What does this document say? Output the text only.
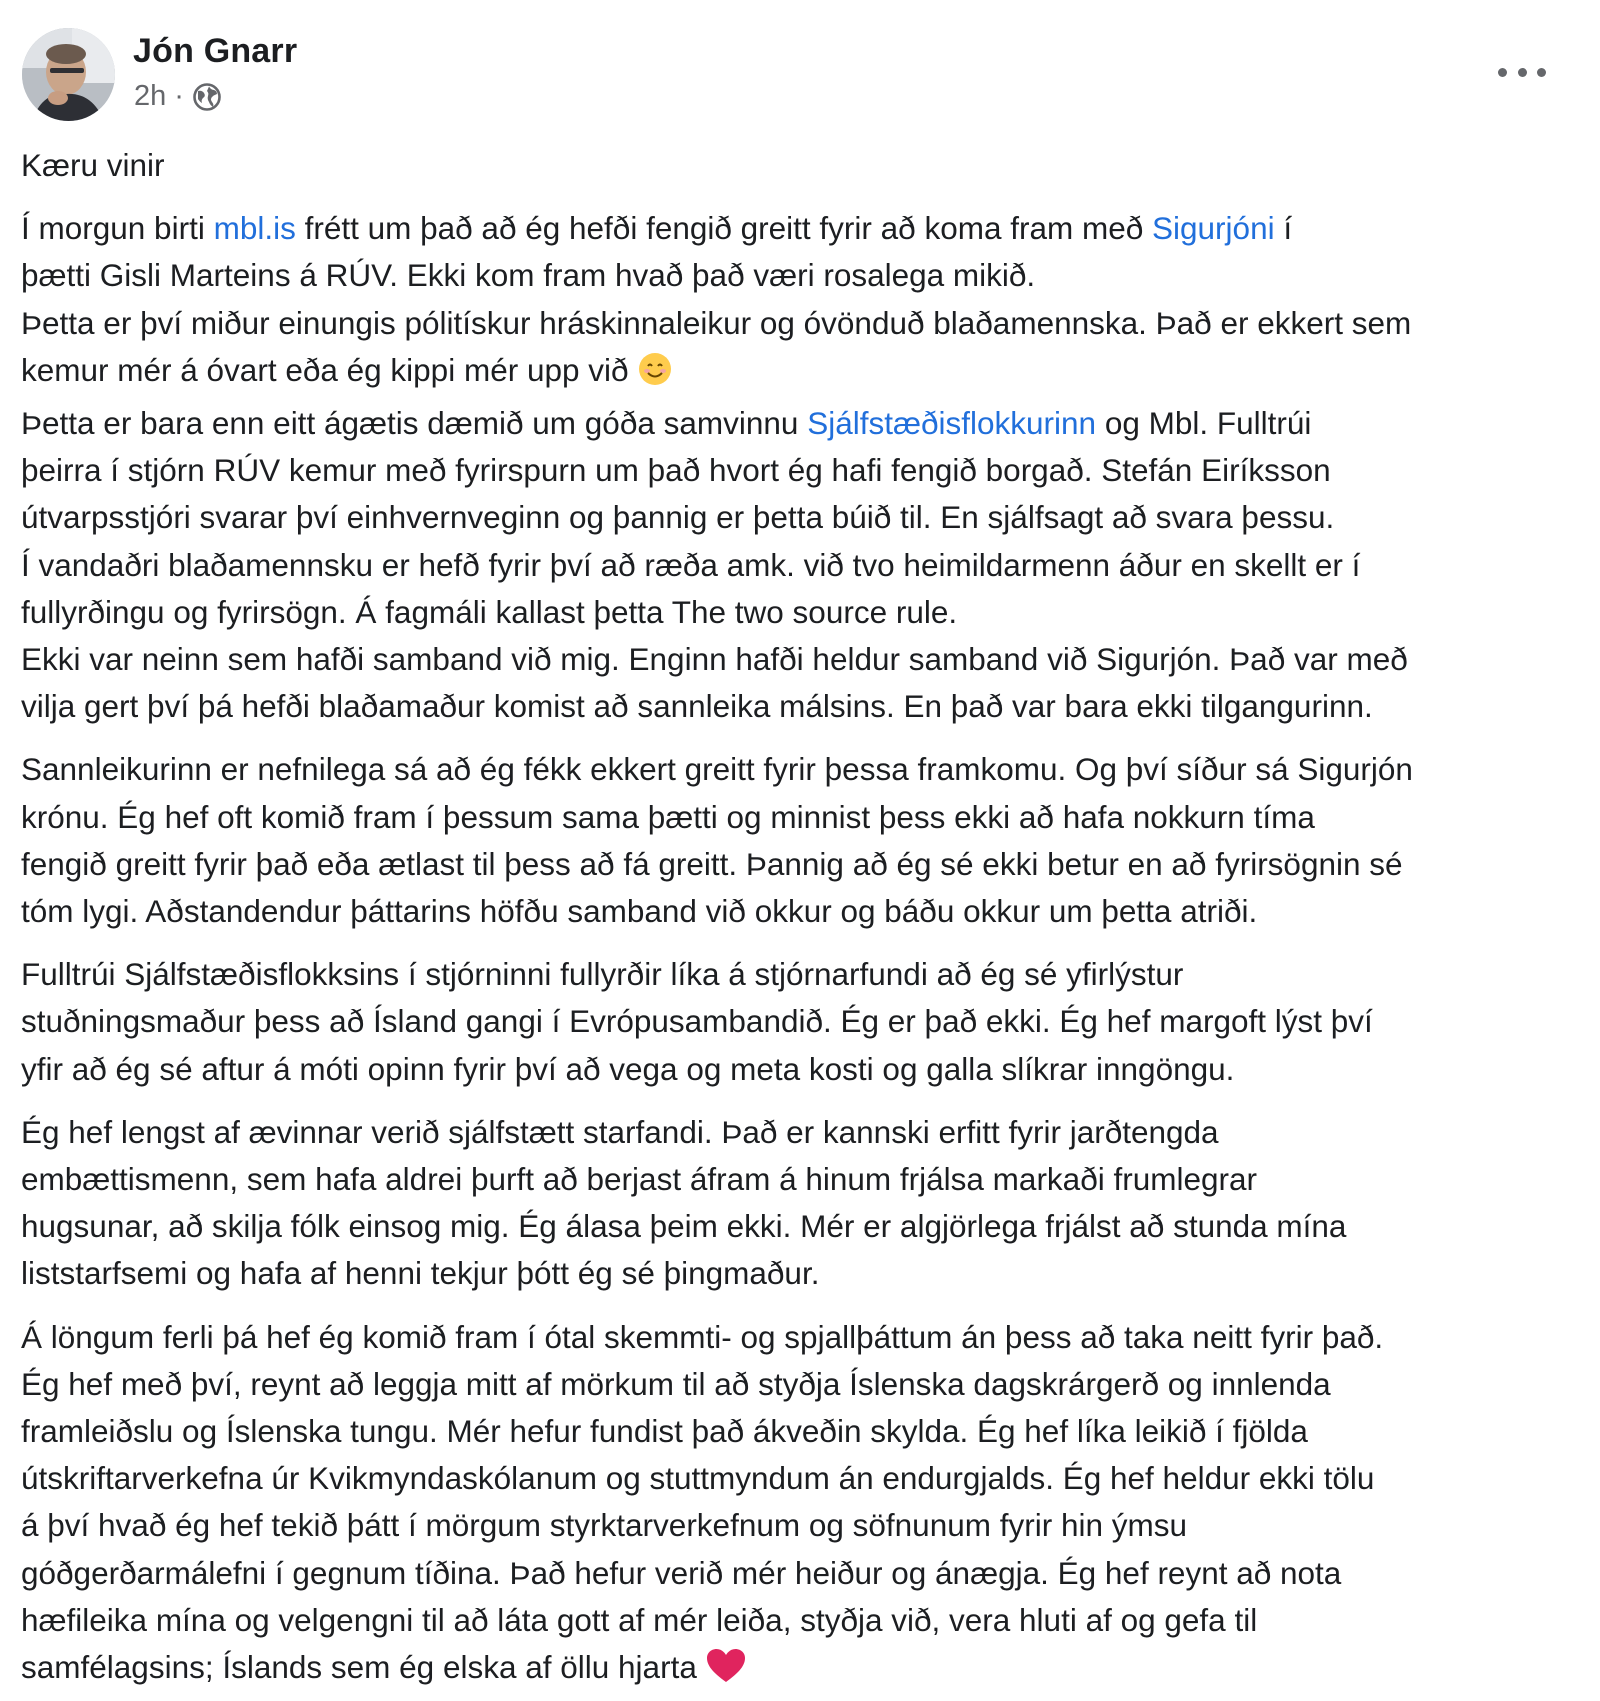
Jón Gnarr
2h ·

Kæru vinir

Í morgun birti mbl.is frétt um það að ég hefði fengið greitt fyrir að koma fram með Sigurjóni í

þætti Gisli Marteins á RÚV. Ekki kom fram hvað það væri rosalega mikið.

Þetta er því miður einungis pólitískur hráskinnaleikur og óvönduð blaðamennska. Það er ekkert sem

kemur mér á óvart eða ég kippi mér upp við

Þetta er bara enn eitt ágætis dæmið um góða samvinnu Sjálfstæðisflokkurinn og Mbl. Fulltrúi

þeirra í stjórn RÚV kemur með fyrirspurn um það hvort ég hafi fengið borgað. Stefán Eiríksson

útvarpsstjóri svarar því einhvernveginn og þannig er þetta búið til. En sjálfsagt að svara þessu.

Í vandaðri blaðamennsku er hefð fyrir því að ræða amk. við tvo heimildarmenn áður en skellt er í

fullyrðingu og fyrirsögn. Á fagmáli kallast þetta The two source rule.

Ekki var neinn sem hafði samband við mig. Enginn hafði heldur samband við Sigurjón. Það var með

vilja gert því þá hefði blaðamaður komist að sannleika málsins. En það var bara ekki tilgangurinn.

Sannleikurinn er nefnilega sá að ég fékk ekkert greitt fyrir þessa framkomu. Og því síður sá Sigurjón

krónu. Ég hef oft komið fram í þessum sama þætti og minnist þess ekki að hafa nokkurn tíma

fengið greitt fyrir það eða ætlast til þess að fá greitt. Þannig að ég sé ekki betur en að fyrirsögnin sé

tóm lygi. Aðstandendur þáttarins höfðu samband við okkur og báðu okkur um þetta atriði.

Fulltrúi Sjálfstæðisflokksins í stjórninni fullyrðir líka á stjórnarfundi að ég sé yfirlýstur

stuðningsmaður þess að Ísland gangi í Evrópusambandið. Ég er það ekki. Ég hef margoft lýst því

yfir að ég sé aftur á móti opinn fyrir því að vega og meta kosti og galla slíkrar inngöngu.

Ég hef lengst af ævinnar verið sjálfstætt starfandi. Það er kannski erfitt fyrir jarðtengda

embættismenn, sem hafa aldrei þurft að berjast áfram á hinum frjálsa markaði frumlegrar

hugsunar, að skilja fólk einsog mig. Ég álasa þeim ekki. Mér er algjörlega frjálst að stunda mína

liststarfsemi og hafa af henni tekjur þótt ég sé þingmaður.

Á löngum ferli þá hef ég komið fram í ótal skemmti- og spjallþáttum án þess að taka neitt fyrir það.

Ég hef með því, reynt að leggja mitt af mörkum til að styðja Íslenska dagskrárgerð og innlenda

framleiðslu og Íslenska tungu. Mér hefur fundist það ákveðin skylda. Ég hef líka leikið í fjölda

útskriftarverkefna úr Kvikmyndaskólanum og stuttmyndum án endurgjalds. Ég hef heldur ekki tölu

á því hvað ég hef tekið þátt í mörgum styrktarverkefnum og söfnunum fyrir hin ýmsu

góðgerðarmálefni í gegnum tíðina. Það hefur verið mér heiður og ánægja. Ég hef reynt að nota

hæfileika mína og velgengni til að láta gott af mér leiða, styðja við, vera hluti af og gefa til

samfélagsins; Íslands sem ég elska af öllu hjarta
